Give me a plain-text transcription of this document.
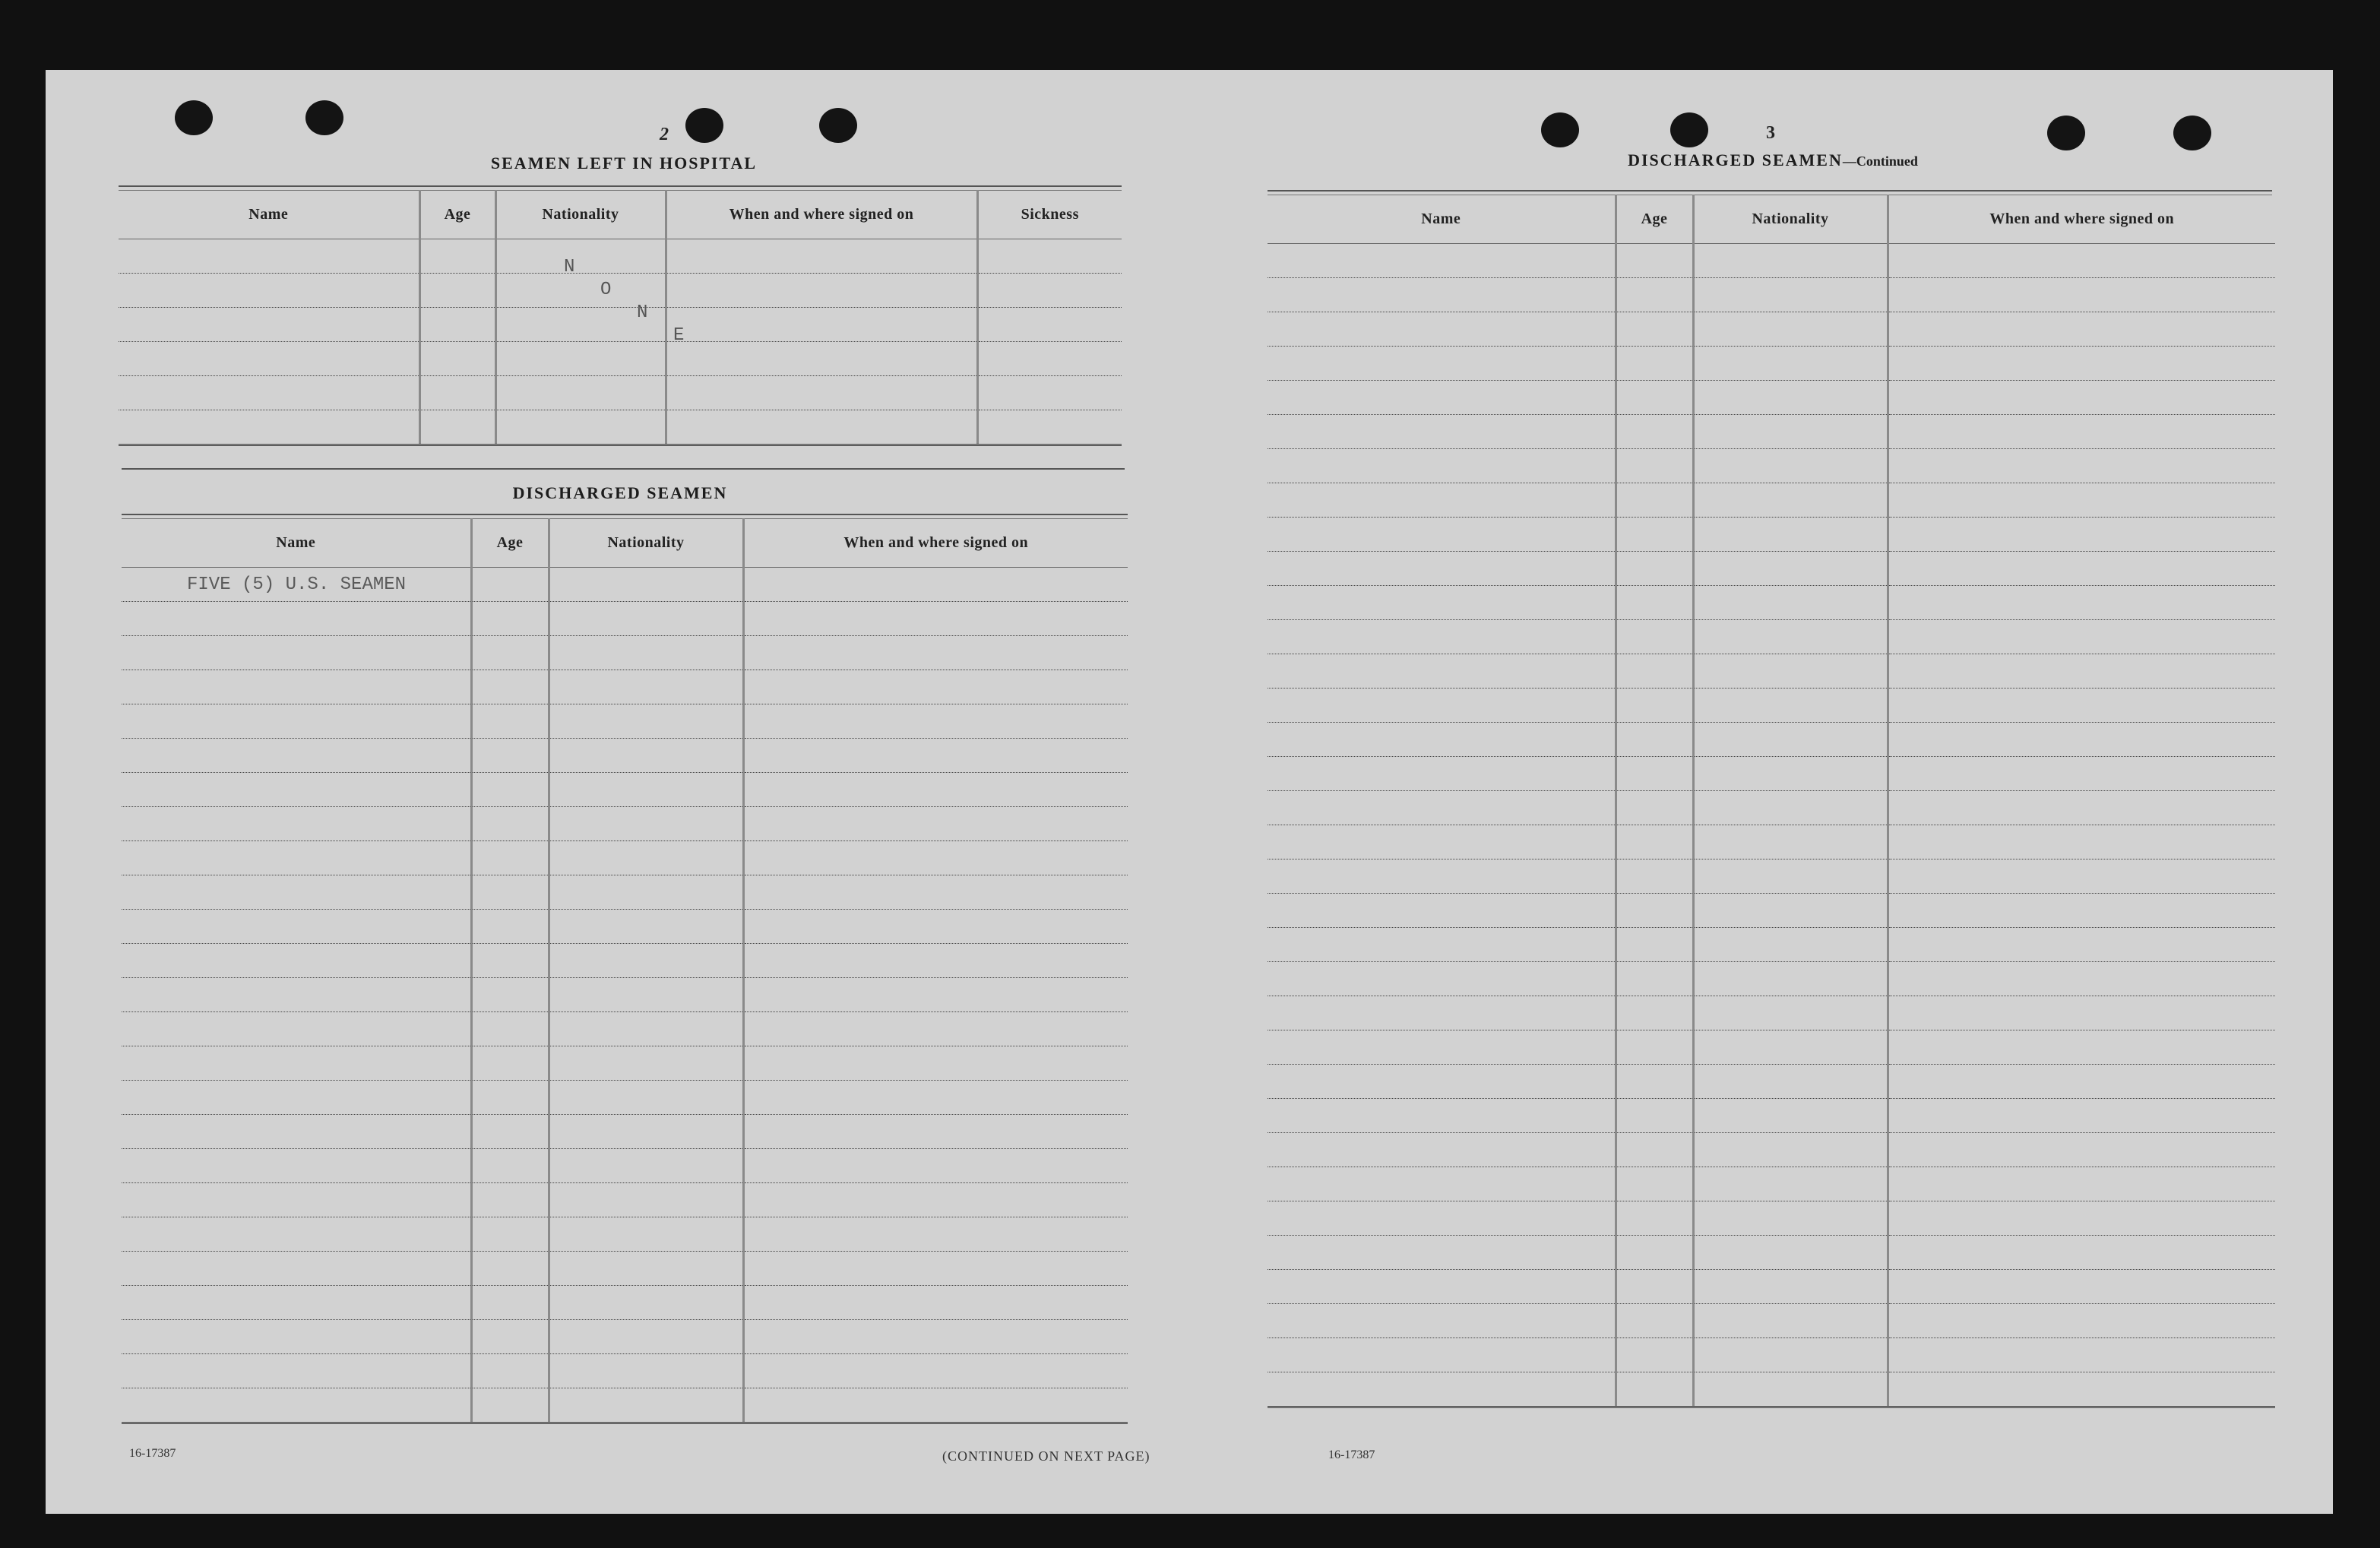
2
SEAMEN LEFT IN HOSPITAL
Name	Age	Nationality	When and where signed on	Sickness

N
O
N
E
DISCHARGED SEAMEN
Name	Age	Nationality	When and where signed on
FIVE (5) U.S. SEAMEN			

16-17387	(CONTINUED ON NEXT PAGE)
3
DISCHARGED SEAMEN—Continued
Name	Age	Nationality	When and where signed on

16-17387
